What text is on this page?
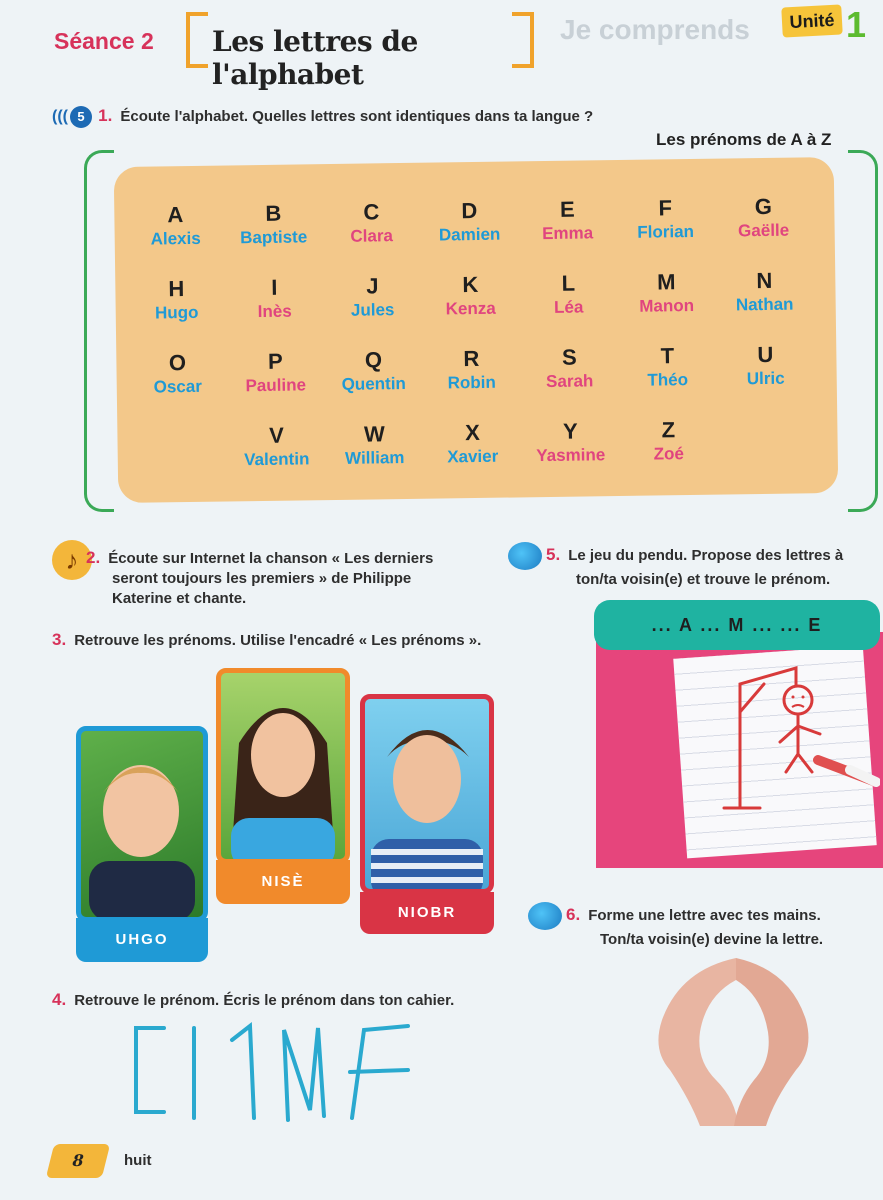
Je comprends
Séance 2 Les lettres de l'alphabet
Unité 1
((( 5 1. Écoute l'alphabet. Quelles lettres sont identiques dans ta langue ?
Les prénoms de A à Z
A
Alexis
B
Baptiste
C
Clara
D
Damien
E
Emma
F
Florian
G
Gaëlle
H
Hugo
I
Inès
J
Jules
K
Kenza
L
Léa
M
Manon
N
Nathan
O
Oscar
P
Pauline
Q
Quentin
R
Robin
S
Sarah
T
Théo
U
Ulric
V
Valentin
W
William
X
Xavier
Y
Yasmine
Z
Zoé
♪ 2. Écoute sur Internet la chanson « Les derniers
seront toujours les premiers » de Philippe
Katerine et chante.
3. Retrouve les prénoms. Utilise l'encadré « Les prénoms ».
UHGO
NISÈ
NIOBR
4. Retrouve le prénom. Écris le prénom dans ton cahier.
5. Le jeu du pendu. Propose des lettres à
ton/ta voisin(e) et trouve le prénom.
... A ... M ... ... E
6. Forme une lettre avec tes mains.
Ton/ta voisin(e) devine la lettre.
8	huit
